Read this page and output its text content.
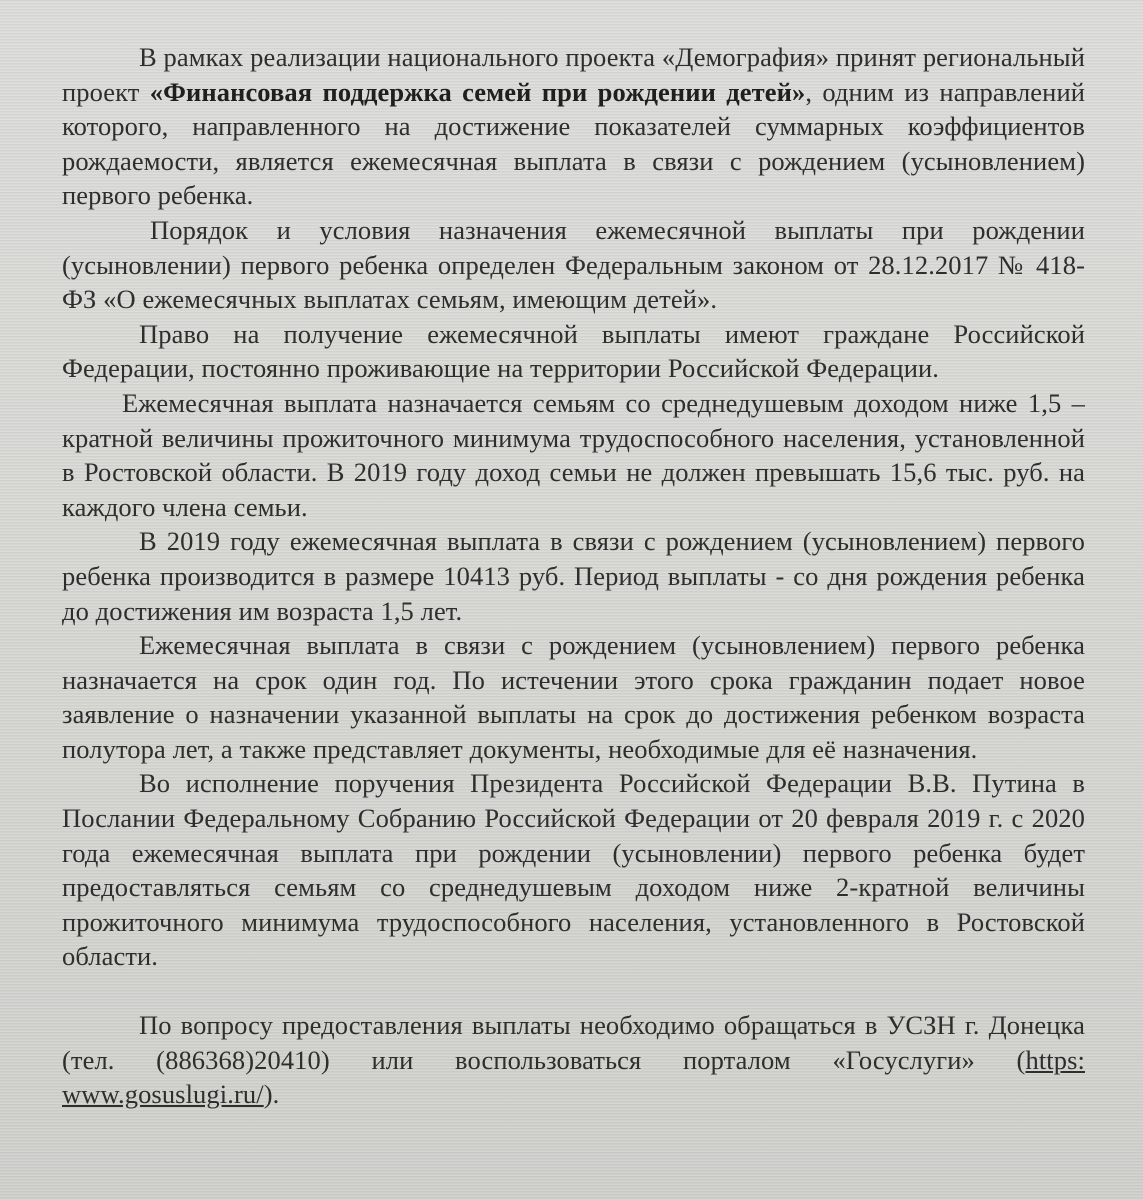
В рамках реализации национального проекта «Демография» принят региональный проект «Финансовая поддержка семей при рождении детей», одним из направлений которого, направленного на достижение показателей суммарных коэффициентов рождаемости, является ежемесячная выплата в связи с рождением (усыновлением) первого ребенка.

Порядок и условия назначения ежемесячной выплаты при рождении (усыновлении) первого ребенка определен Федеральным законом от 28.12.2017 № 418-ФЗ «О ежемесячных выплатах семьям, имеющим детей».

Право на получение ежемесячной выплаты имеют граждане Российской Федерации, постоянно проживающие на территории Российской Федерации.

Ежемесячная выплата назначается семьям со среднедушевым доходом ниже 1,5 – кратной величины прожиточного минимума трудоспособного населения, установленной в Ростовской области. В 2019 году доход семьи не должен превышать 15,6 тыс. руб. на каждого члена семьи.

В 2019 году ежемесячная выплата в связи с рождением (усыновлением) первого ребенка производится в размере 10413 руб. Период выплаты - со дня рождения ребенка до достижения им возраста 1,5 лет.

Ежемесячная выплата в связи с рождением (усыновлением) первого ребенка назначается на срок один год. По истечении этого срока гражданин подает новое заявление о назначении указанной выплаты на срок до достижения ребенком возраста полутора лет, а также представляет документы, необходимые для её назначения.

Во исполнение поручения Президента Российской Федерации В.В. Путина в Послании Федеральному Собранию Российской Федерации от 20 февраля 2019 г. с 2020 года ежемесячная выплата при рождении (усыновлении) первого ребенка будет предоставляться семьям со среднедушевым доходом ниже 2-кратной величины прожиточного минимума трудоспособного населения, установленного в Ростовской области.

По вопросу предоставления выплаты необходимо обращаться в УСЗН г. Донецка (тел. (886368)20410) или воспользоваться порталом «Госуслуги» (https: www.gosuslugi.ru/).
